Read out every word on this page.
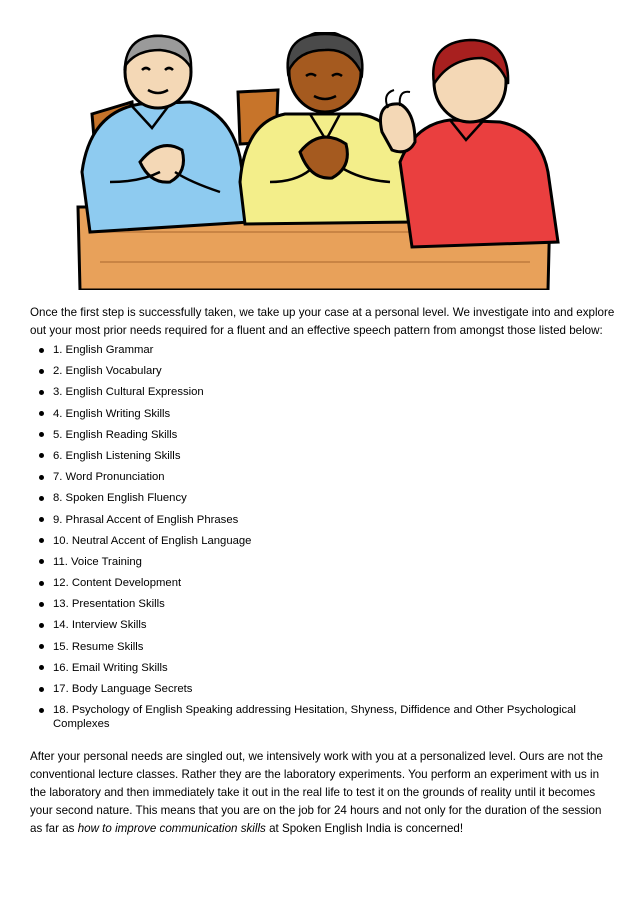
Once the first step is successfully taken, we take up your case at a personal level. We investigate into and explore out your most prior needs required for a fluent and an effective speech pattern from amongst those listed below:

1. English Grammar
2. English Vocabulary
3. English Cultural Expression
4. English Writing Skills
5. English Reading Skills
6. English Listening Skills
7. Word Pronunciation
8. Spoken English Fluency
9. Phrasal Accent of English Phrases
10. Neutral Accent of English Language
11. Voice Training
12. Content Development
13. Presentation Skills
14. Interview Skills
15. Resume Skills
16. Email Writing Skills
17. Body Language Secrets
18. Psychology of English Speaking addressing Hesitation, Shyness, Diffidence and Other Psychological Complexes

After your personal needs are singled out, we intensively work with you at a personalized level. Ours are not the conventional lecture classes. Rather they are the laboratory experiments. You perform an experiment with us in the laboratory and then immediately take it out in the real life to test it on the grounds of reality until it becomes your second nature. This means that you are on the job for 24 hours and not only for the duration of the session as far as how to improve communication skills at Spoken English India is concerned!
